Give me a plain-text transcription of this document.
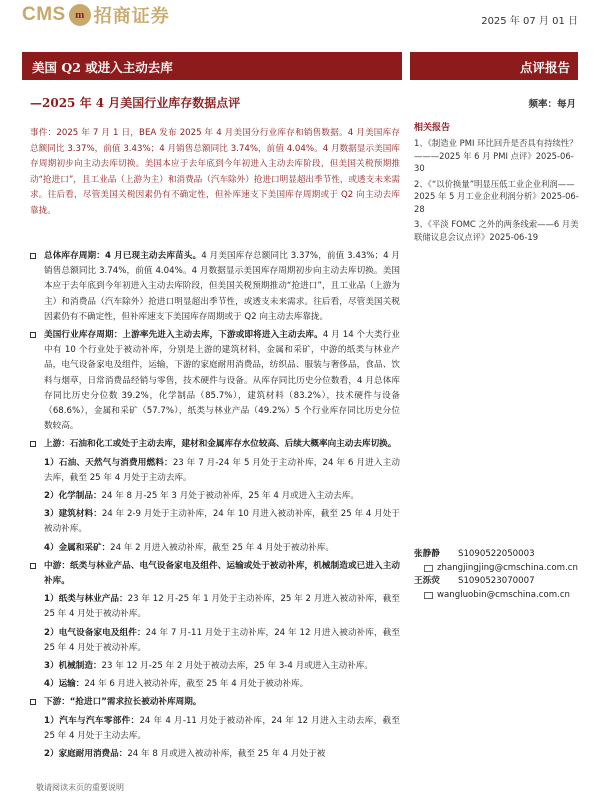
CMS m 招商证券	2025 年 07 月 01 日
美国 Q2 或进入主动去库	点评报告
—2025 年 4 月美国行业库存数据点评	频率：每月
事件：2025 年 7 月 1 日，BEA 发布 2025 年 4 月美国分行业库存和销售数据。4 月美国库存总额同比 3.37%，前值 3.43%；4 月销售总额同比 3.74%，前值 4.04%。4 月数据显示美国库存周期初步向主动去库切换。美国本应于去年底到今年初进入主动去库阶段，但美国关税预期推动“抢进口”，且工业品（上游为主）和消费品（汽车除外）抢进口明显超出季节性，或透支未来需求。往后看，尽管美国关税因素仍有不确定性，但补库速支下美国库存周期或于 Q2 向主动去库靠拢。
总体库存周期：4 月已现主动去库苗头。4 月美国库存总额同比 3.37%，前值 3.43%；4 月销售总额同比 3.74%，前值 4.04%。4 月数据显示美国库存周期初步向主动去库切换。美国本应于去年底到今年初进入主动去库阶段，但美国关税预期推动“抢进口”，且工业品（上游为主）和消费品（汽车除外）抢进口明显超出季节性，或透支未来需求。往后看，尽管美国关税因素仍有不确定性，但补库速支下美国库存周期或于 Q2 向主动去库靠拢。
美国行业库存周期：上游率先进入主动去库，下游或即将进入主动去库。4 月 14 个大类行业中有 10 个行业处于被动补库，分别是上游的建筑材料，金属和采矿，中游的纸类与林业产品，电气设备家电及组件，运输，下游的家庭耐用消费品，纺织品、服装与奢侈品，食品、饮料与烟草，日常消费品经销与零售，技术硬件与设备。从库存同比历史分位数看，4 月总体库存同比历史分位数 39.2%，化学制品（85.7%），建筑材料（83.2%），技术硬件与设备（68.6%），金属和采矿（57.7%），纸类与林业产品（49.2%）5 个行业库存同比历史分位数较高。
上游：石油和化工或处于主动去库，建材和金属库存水位较高、后续大概率向主动去库切换。
1）石油、天然气与消费用燃料：23 年 7 月-24 年 5 月处于主动补库，24 年 6 月进入主动去库，截至 25 年 4 月处于主动去库。
2）化学制品：24 年 8 月-25 年 3 月处于被动补库，25 年 4 月或进入主动去库。
3）建筑材料：24 年 2-9 月处于主动补库，24 年 10 月进入被动补库，截至 25 年 4 月处于被动补库。
4）金属和采矿：24 年 2 月进入被动补库，截至 25 年 4 月处于被动补库。
中游：纸类与林业产品、电气设备家电及组件、运输或处于被动补库，机械制造或已进入主动补库。
1）纸类与林业产品：23 年 12 月-25 年 1 月处于主动补库，25 年 2 月进入被动补库，截至 25 年 4 月处于被动补库。
2）电气设备家电及组件：24 年 7 月-11 月处于主动补库，24 年 12 月进入被动补库，截至 25 年 4 月处于被动补库。
3）机械制造：23 年 12 月-25 年 2 月处于被动去库，25 年 3-4 月或进入主动补库。
4）运输：24 年 6 月进入被动补库，截至 25 年 4 月处于被动补库。
下游：“抢进口”需求拉长被动补库周期。
1）汽车与汽车零部件：24 年 4 月-11 月处于被动补库，24 年 12 月进入主动去库，截至 25 年 4 月处于主动去库。
2）家庭耐用消费品：24 年 8 月或进入被动补库，截至 25 年 4 月处于被
相关报告
1、《制造业 PMI 环比回升是否具有持续性？———2025 年 6 月 PMI 点评》2025-06-30
2、《“以价换量”明显压低工业企业利润——2025 年 5 月工业企业利润分析》2025-06-28
3、《平淡 FOMC 之外的两条线索——6 月美联储议息会议点评》2025-06-19
张静静	S1090522050003
zhangjingjing@cmschina.com.cn
王泺荧	S1090523070007
wangluobin@cmschina.com.cn
敬请阅读末页的重要说明
